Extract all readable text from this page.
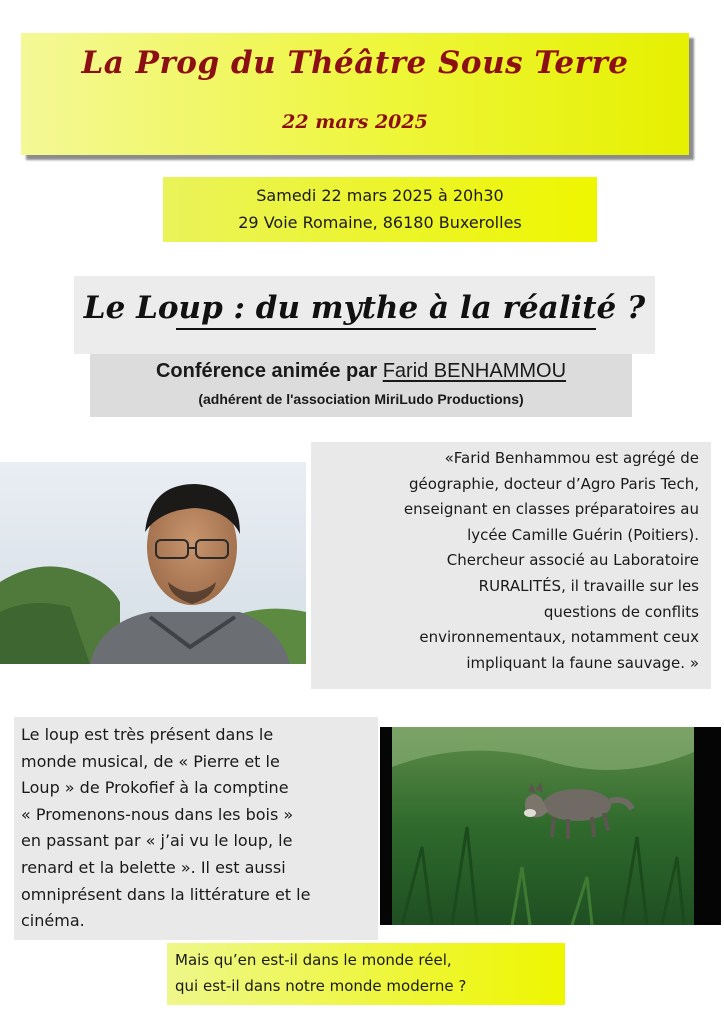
La Prog du Théâtre Sous Terre
22 mars 2025
Samedi 22 mars 2025 à 20h30
29 Voie Romaine, 86180 Buxerolles
Le Loup : du mythe à la réalité ?
Conférence animée par Farid BENHAMMOU
(adhérent de l'association MiriLudo Productions)
«Farid Benhammou est agrégé de
géographie, docteur d’Agro Paris Tech,
enseignant en classes préparatoires au
lycée Camille Guérin (Poitiers).
Chercheur associé au Laboratoire
RURALITÉS, il travaille sur les
questions de conflits
environnementaux, notamment ceux
impliquant la faune sauvage. »
Le loup est très présent dans le
monde musical, de « Pierre et le
Loup » de Prokofief à la comptine
« Promenons-nous dans les bois »
en passant par « j’ai vu le loup, le
renard et la belette ». Il est aussi
omniprésent dans la littérature et le
cinéma.
Mais qu’en est-il dans le monde réel,
qui est-il dans notre monde moderne ?
